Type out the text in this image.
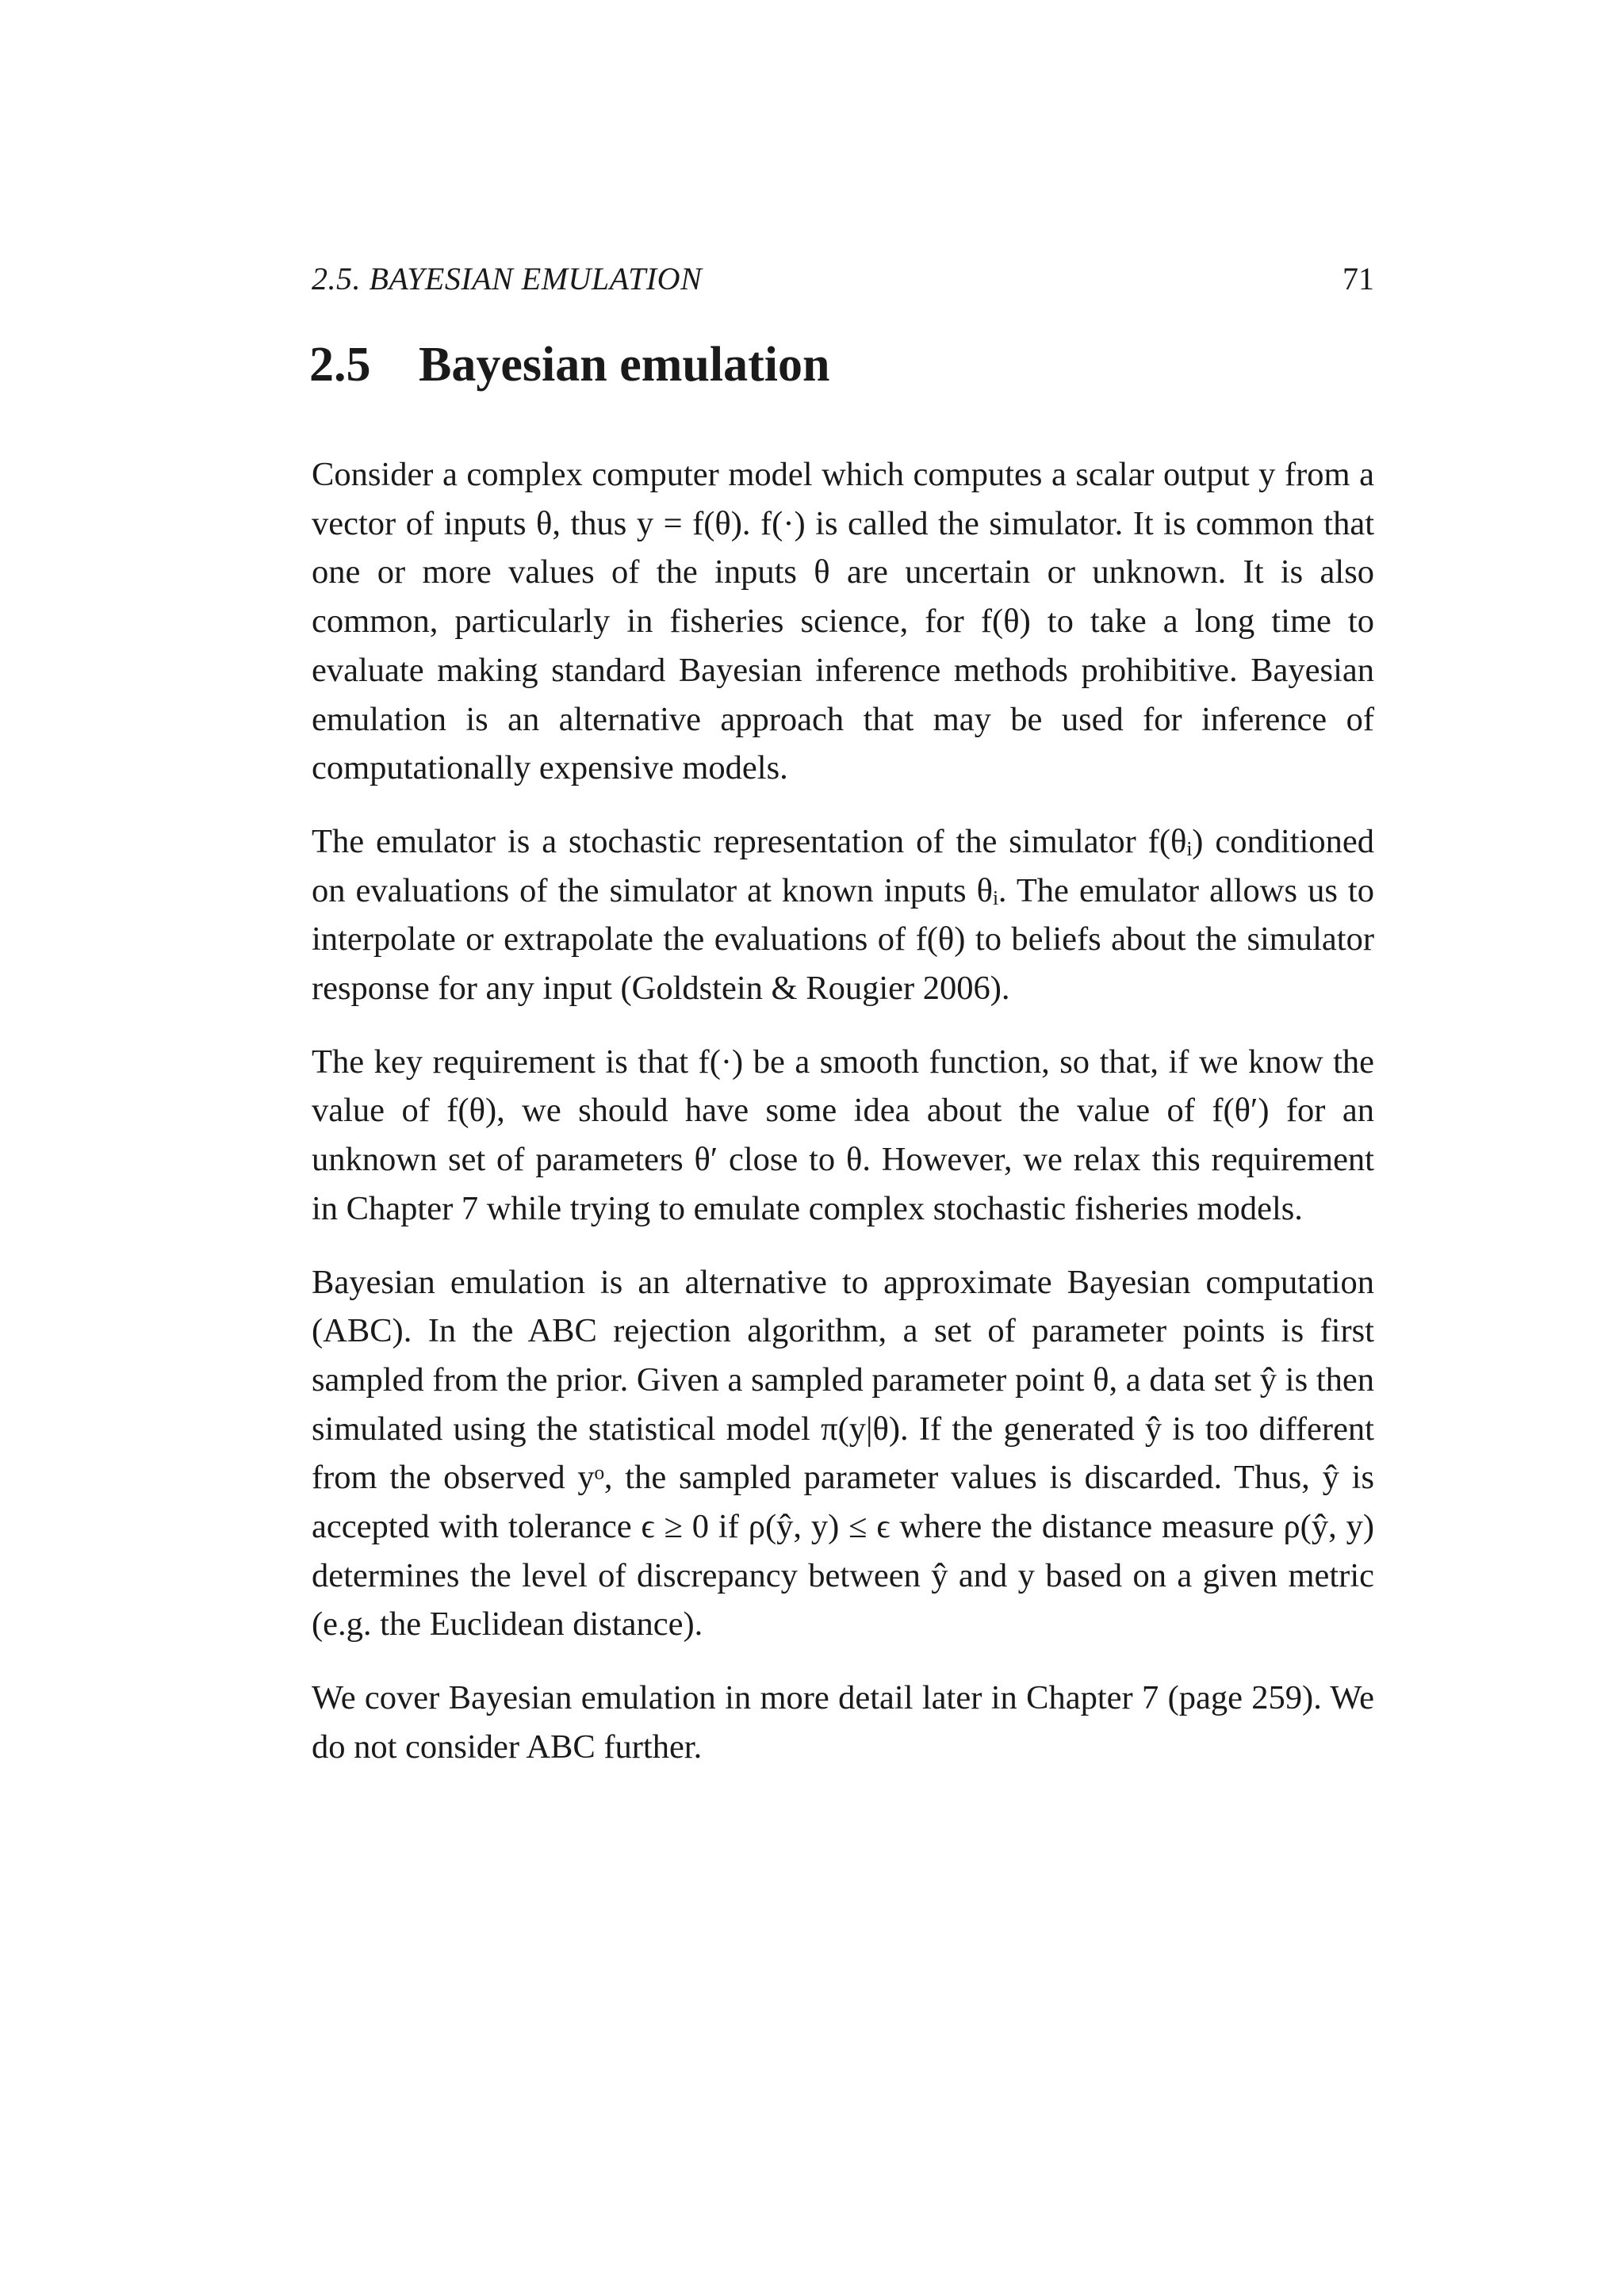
2.5. BAYESIAN EMULATION	71
2.5 Bayesian emulation

Consider a complex computer model which computes a scalar output y from a vector of inputs θ, thus y = f(θ). f(·) is called the simulator. It is common that one or more values of the inputs θ are uncertain or unknown. It is also common, particularly in fisheries science, for f(θ) to take a long time to evaluate making standard Bayesian inference methods prohibitive. Bayesian emulation is an alternative approach that may be used for inference of computationally expensive models.

The emulator is a stochastic representation of the simulator f(θᵢ) conditioned on evaluations of the simulator at known inputs θᵢ. The emulator allows us to interpolate or extrapolate the evaluations of f(θ) to beliefs about the simulator response for any input (Goldstein & Rougier 2006).

The key requirement is that f(·) be a smooth function, so that, if we know the value of f(θ), we should have some idea about the value of f(θ′) for an unknown set of parameters θ′ close to θ. However, we relax this requirement in Chapter 7 while trying to emulate complex stochastic fisheries models.

Bayesian emulation is an alternative to approximate Bayesian computation (ABC). In the ABC rejection algorithm, a set of parameter points is first sampled from the prior. Given a sampled parameter point θ, a data set ŷ is then simulated using the statistical model π(y|θ). If the generated ŷ is too different from the observed yᵒ, the sampled parameter values is discarded. Thus, ŷ is accepted with tolerance ϵ ≥ 0 if ρ(ŷ, y) ≤ ϵ where the distance measure ρ(ŷ, y) determines the level of discrepancy between ŷ and y based on a given metric (e.g. the Euclidean distance).

We cover Bayesian emulation in more detail later in Chapter 7 (page 259). We do not consider ABC further.
